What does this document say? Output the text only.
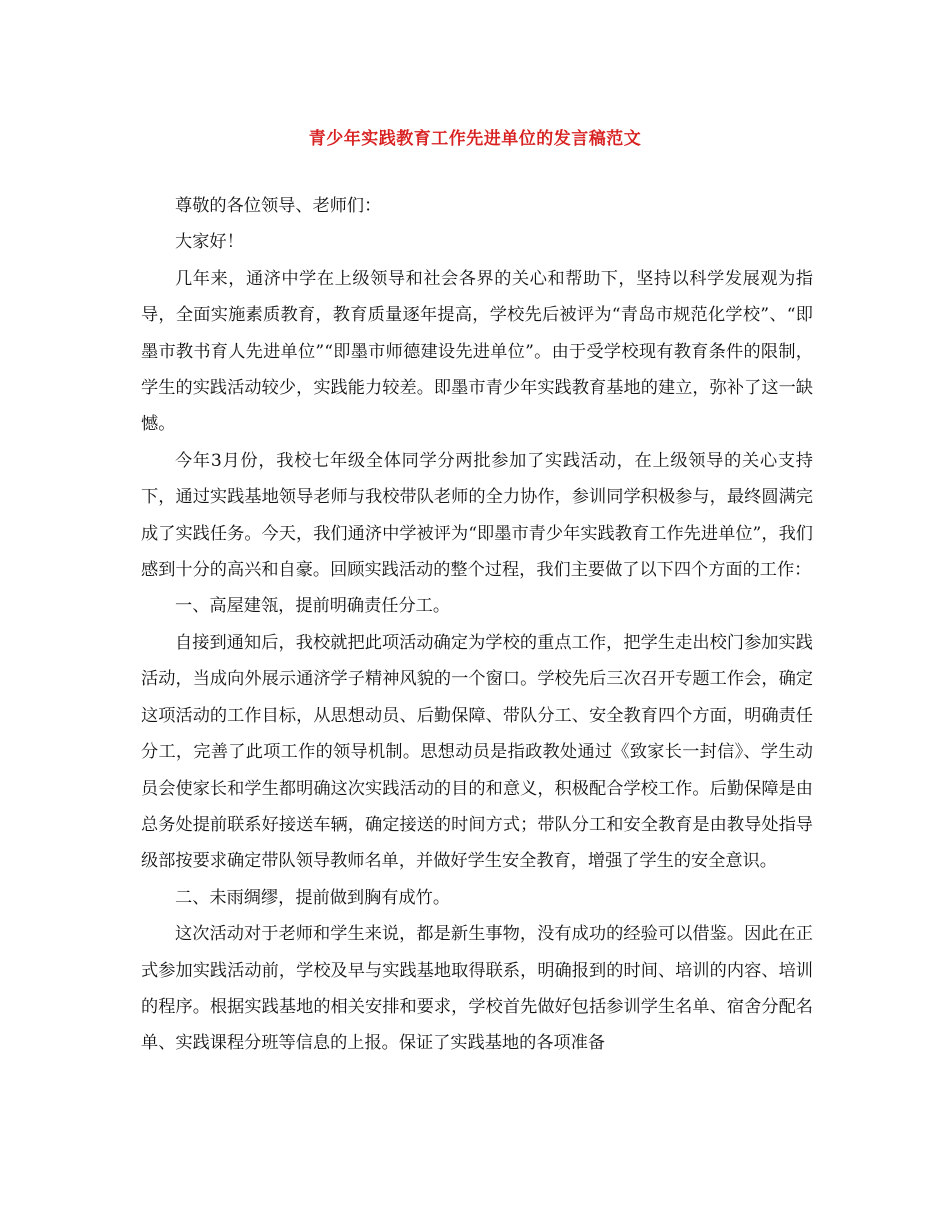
青少年实践教育工作先进单位的发言稿范文

尊敬的各位领导、老师们：

大家好！

几年来，通济中学在上级领导和社会各界的关心和帮助下，坚持以科学发展观为指导，全面实施素质教育，教育质量逐年提高，学校先后被评为“青岛市规范化学校”、“即墨市教书育人先进单位”“即墨市师德建设先进单位”。由于受学校现有教育条件的限制，学生的实践活动较少，实践能力较差。即墨市青少年实践教育基地的建立，弥补了这一缺憾。

今年3月份，我校七年级全体同学分两批参加了实践活动，在上级领导的关心支持下，通过实践基地领导老师与我校带队老师的全力协作，参训同学积极参与，最终圆满完成了实践任务。今天，我们通济中学被评为“即墨市青少年实践教育工作先进单位”，我们感到十分的高兴和自豪。回顾实践活动的整个过程，我们主要做了以下四个方面的工作：

一、高屋建瓴，提前明确责任分工。

自接到通知后，我校就把此项活动确定为学校的重点工作，把学生走出校门参加实践活动，当成向外展示通济学子精神风貌的一个窗口。学校先后三次召开专题工作会，确定这项活动的工作目标，从思想动员、后勤保障、带队分工、安全教育四个方面，明确责任分工，完善了此项工作的领导机制。思想动员是指政教处通过《致家长一封信》、学生动员会使家长和学生都明确这次实践活动的目的和意义，积极配合学校工作。后勤保障是由总务处提前联系好接送车辆，确定接送的时间方式；带队分工和安全教育是由教导处指导级部按要求确定带队领导教师名单，并做好学生安全教育，增强了学生的安全意识。

二、未雨绸缪，提前做到胸有成竹。

这次活动对于老师和学生来说，都是新生事物，没有成功的经验可以借鉴。因此在正式参加实践活动前，学校及早与实践基地取得联系，明确报到的时间、培训的内容、培训的程序。根据实践基地的相关安排和要求，学校首先做好包括参训学生名单、宿舍分配名单、实践课程分班等信息的上报。保证了实践基地的各项准备
